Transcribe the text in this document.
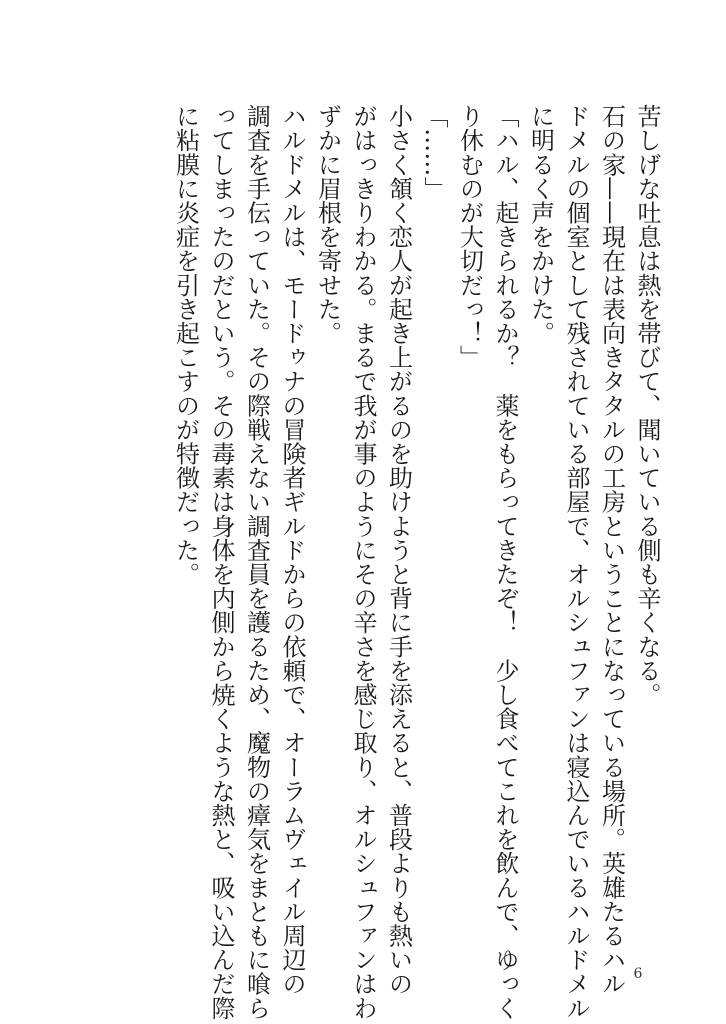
苦しげな吐息は熱を帯びて、聞いている側も辛くなる。

石の家——現在は表向きタタルの工房ということになっている場所。英雄たるハル

ドメルの個室として残されている部屋で、オルシュファンは寝込んでいるハルドメル

に明るく声をかけた。

「ハル、起きられるか？　薬をもらってきたぞ！　少し食べてこれを飲んで、ゆっく

り休むのが大切だっ！」

「……」

小さく頷く恋人が起き上がるのを助けようと背に手を添えると、普段よりも熱いの

がはっきりわかる。まるで我が事のようにその辛さを感じ取り、オルシュファンはわ

ずかに眉根を寄せた。

ハルドメルは、モードゥナの冒険者ギルドからの依頼で、オーラムヴェイル周辺の

調査を手伝っていた。その際戦えない調査員を護るため、魔物の瘴気をまともに喰ら

ってしまったのだという。その毒素は身体を内側から焼くような熱と、吸い込んだ際

に粘膜に炎症を引き起こすのが特徴だった。

6
